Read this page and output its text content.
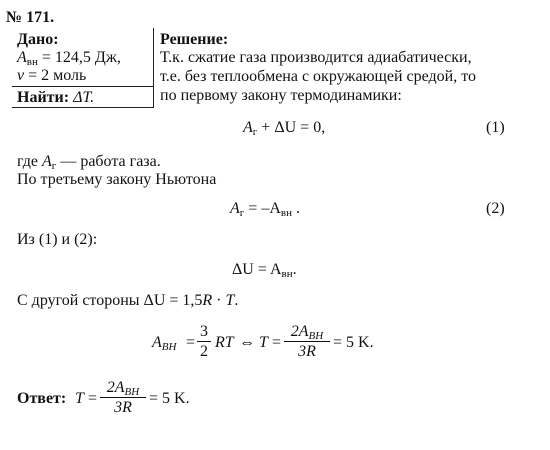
№ 171.
Дано:
$A_{вн} = 124,5$ Дж,
v = 2 моль
Найти: ΔT.
Решение:
Т.к. сжатие газа производится адиабатически,
т.е. без теплообмена с окружающей средой, то
по первому закону термодинамики:
$A_г + \Delta U = 0$,	(1)
где $A_г$ — работа газа.
По третьему закону Ньютона
$A_г = -A_{вн}$ .	(2)
Из (1) и (2):
$\Delta U = A_{вн}$.
С другой стороны ΔU = 1,5R · T.
$A_{BH}$ =
3
2
RT ⇔ T =
$2A_{BH}$
3R
= 5 K.
Ответ: T =
$2A_{BH}$
3R
= 5 K.
